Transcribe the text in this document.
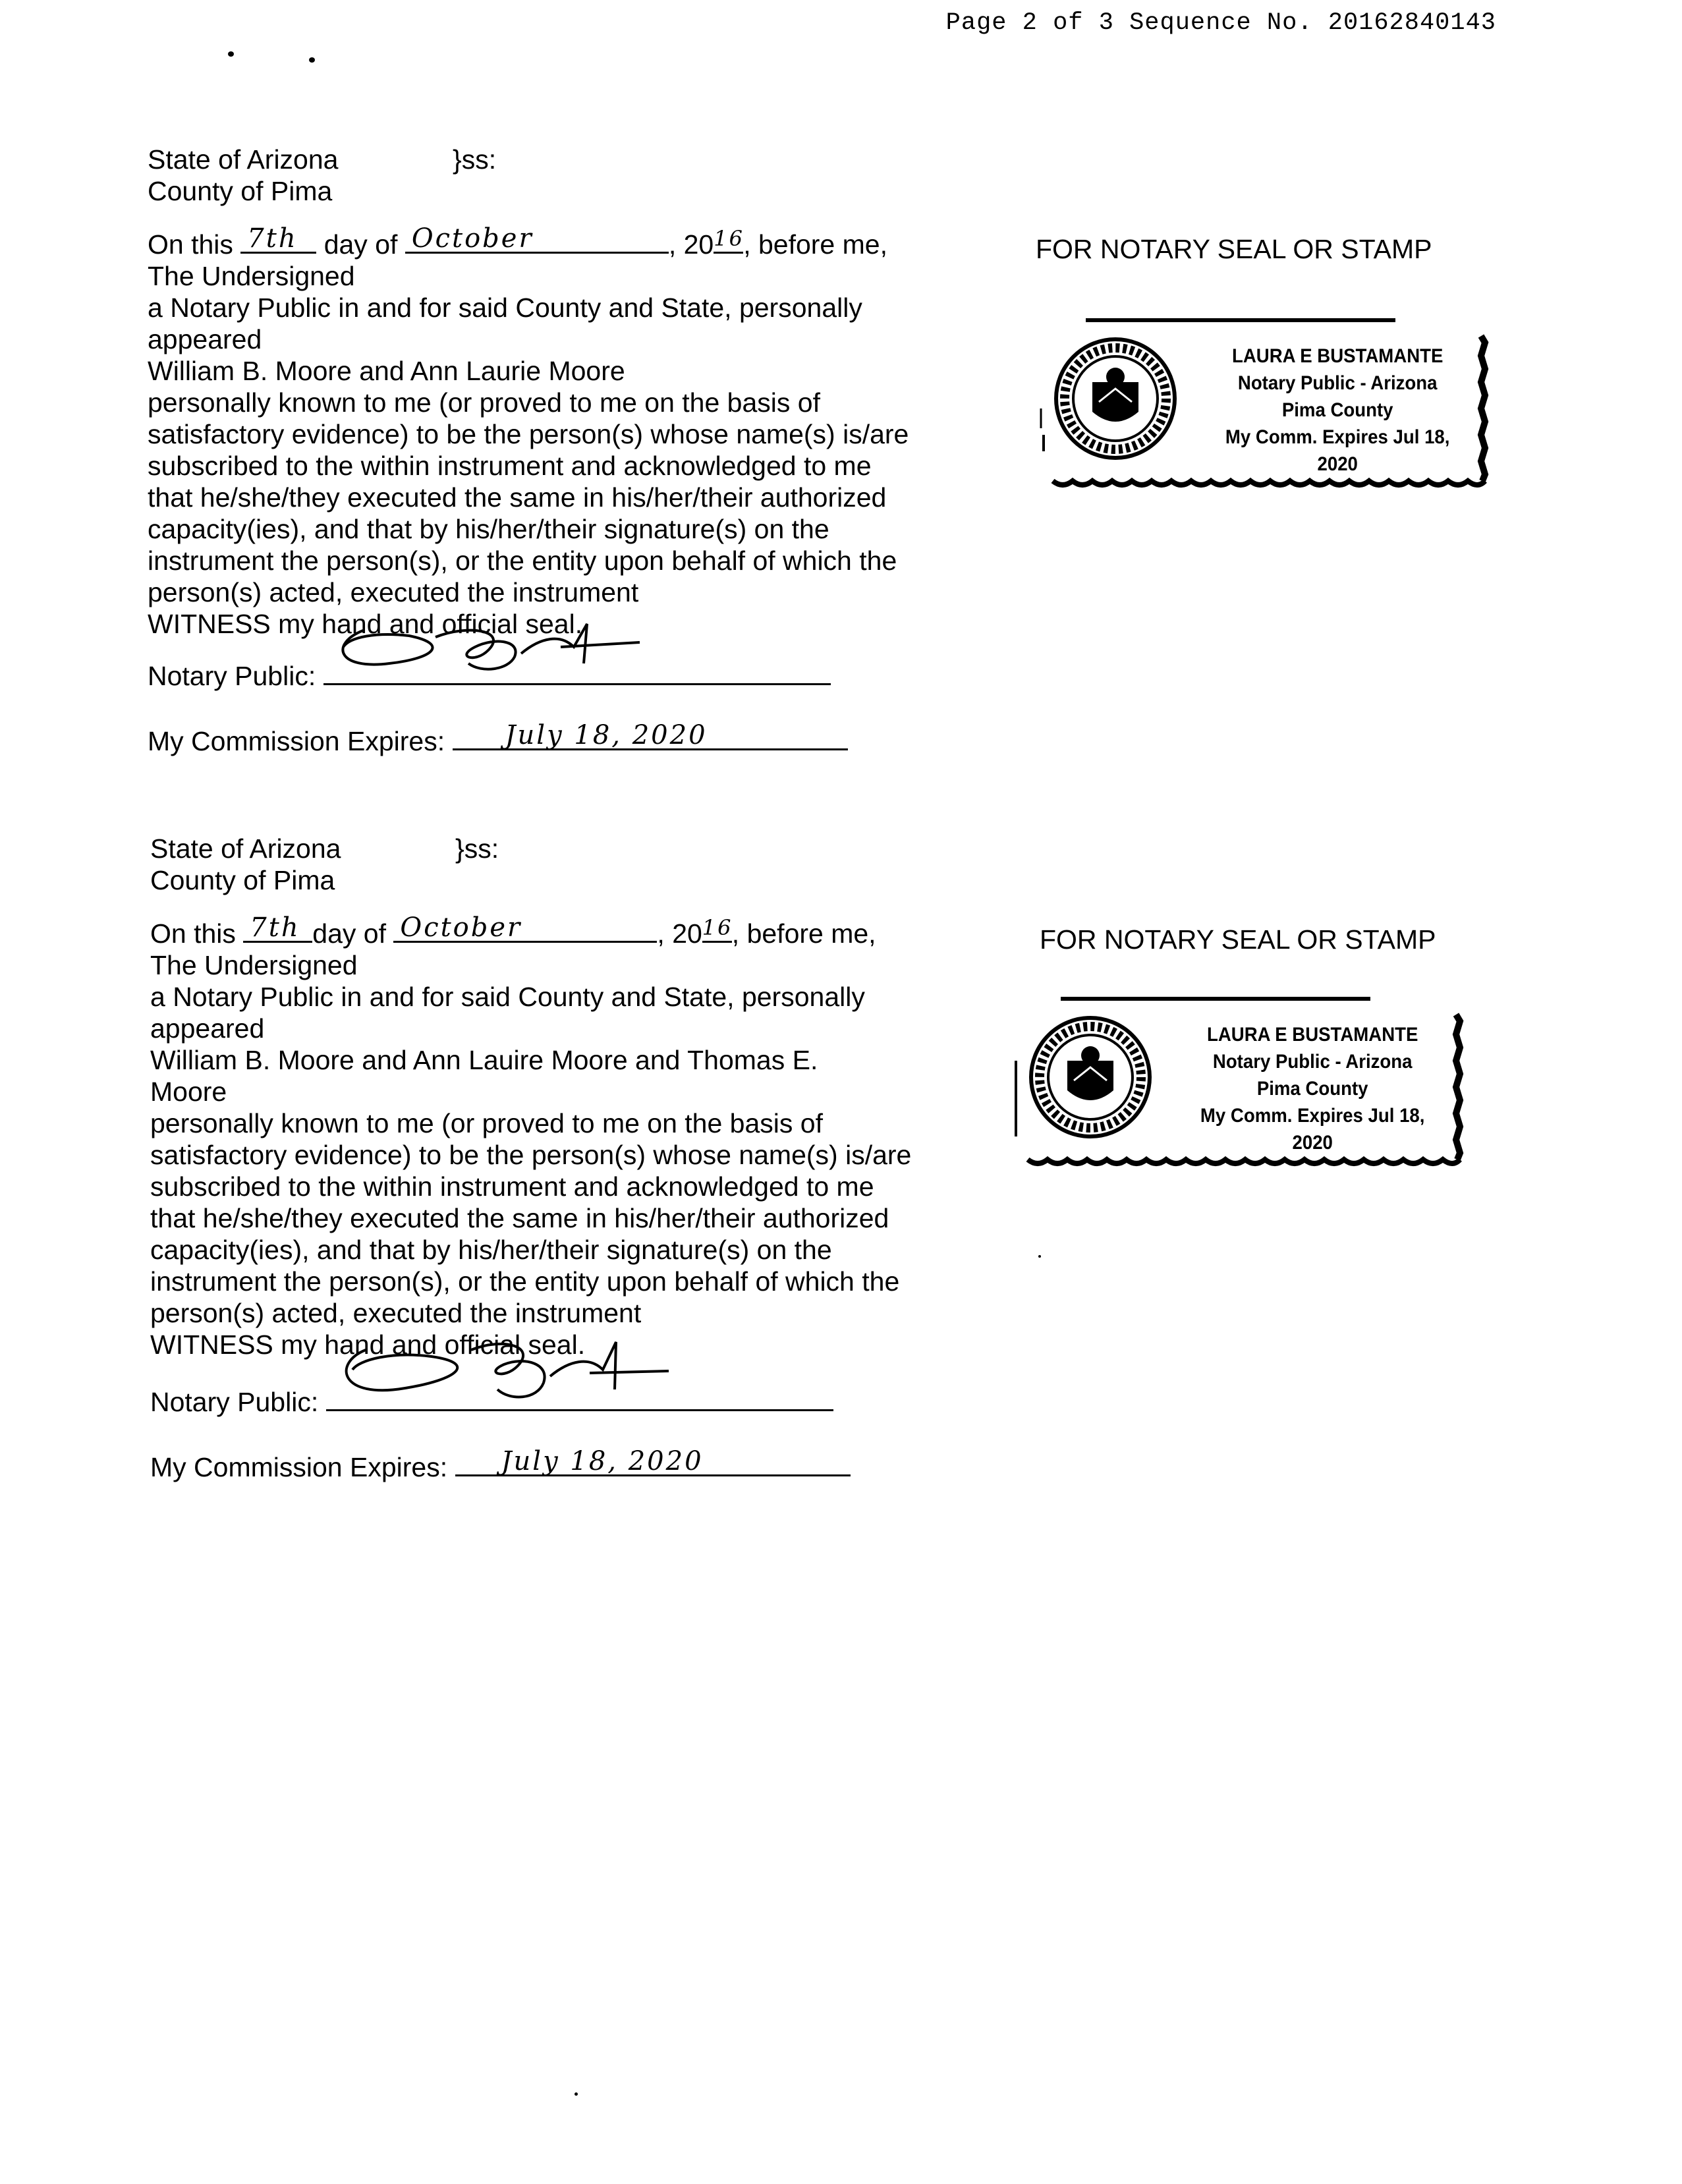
Page 2 of 3 Sequence No. 20162840143

State of Arizona	}ss:

County of Pima

On this 7th day of October	, 20 16
, before me,

The Undersigned

a Notary Public in and for said County and State, personally appeared

William B. Moore and Ann Laurie Moore

personally known to me (or proved to me on the basis of satisfactory evidence) to be the person(s) whose name(s) is/are subscribed to the within instrument and acknowledged to me that he/she/they executed the same in his/her/their authorized capacity(ies), and that by his/her/their signature(s) on the instrument the person(s), or the entity upon behalf of which the person(s) acted, executed the instrument

WITNESS my hand and official seal.

Notary Public:

My Commission Expires: July 18, 2020

FOR NOTARY SEAL OR STAMP
LAURA E BUSTAMANTE
Notary Public - Arizona
Pima County
My Comm. Expires Jul 18, 2020

State of Arizona	}ss:

County of Pima

On this 7th day of October	, 20 16
, before me,

The Undersigned

a Notary Public in and for said County and State, personally appeared

William B. Moore and Ann Lauire Moore and Thomas E. Moore

personally known to me (or proved to me on the basis of satisfactory evidence) to be the person(s) whose name(s) is/are subscribed to the within instrument and acknowledged to me that he/she/they executed the same in his/her/their authorized capacity(ies), and that by his/her/their signature(s) on the instrument the person(s), or the entity upon behalf of which the person(s) acted, executed the instrument

WITNESS my hand and official seal.

Notary Public:

My Commission Expires: July 18, 2020

FOR NOTARY SEAL OR STAMP
LAURA E BUSTAMANTE
Notary Public - Arizona
Pima County
My Comm. Expires Jul 18, 2020
